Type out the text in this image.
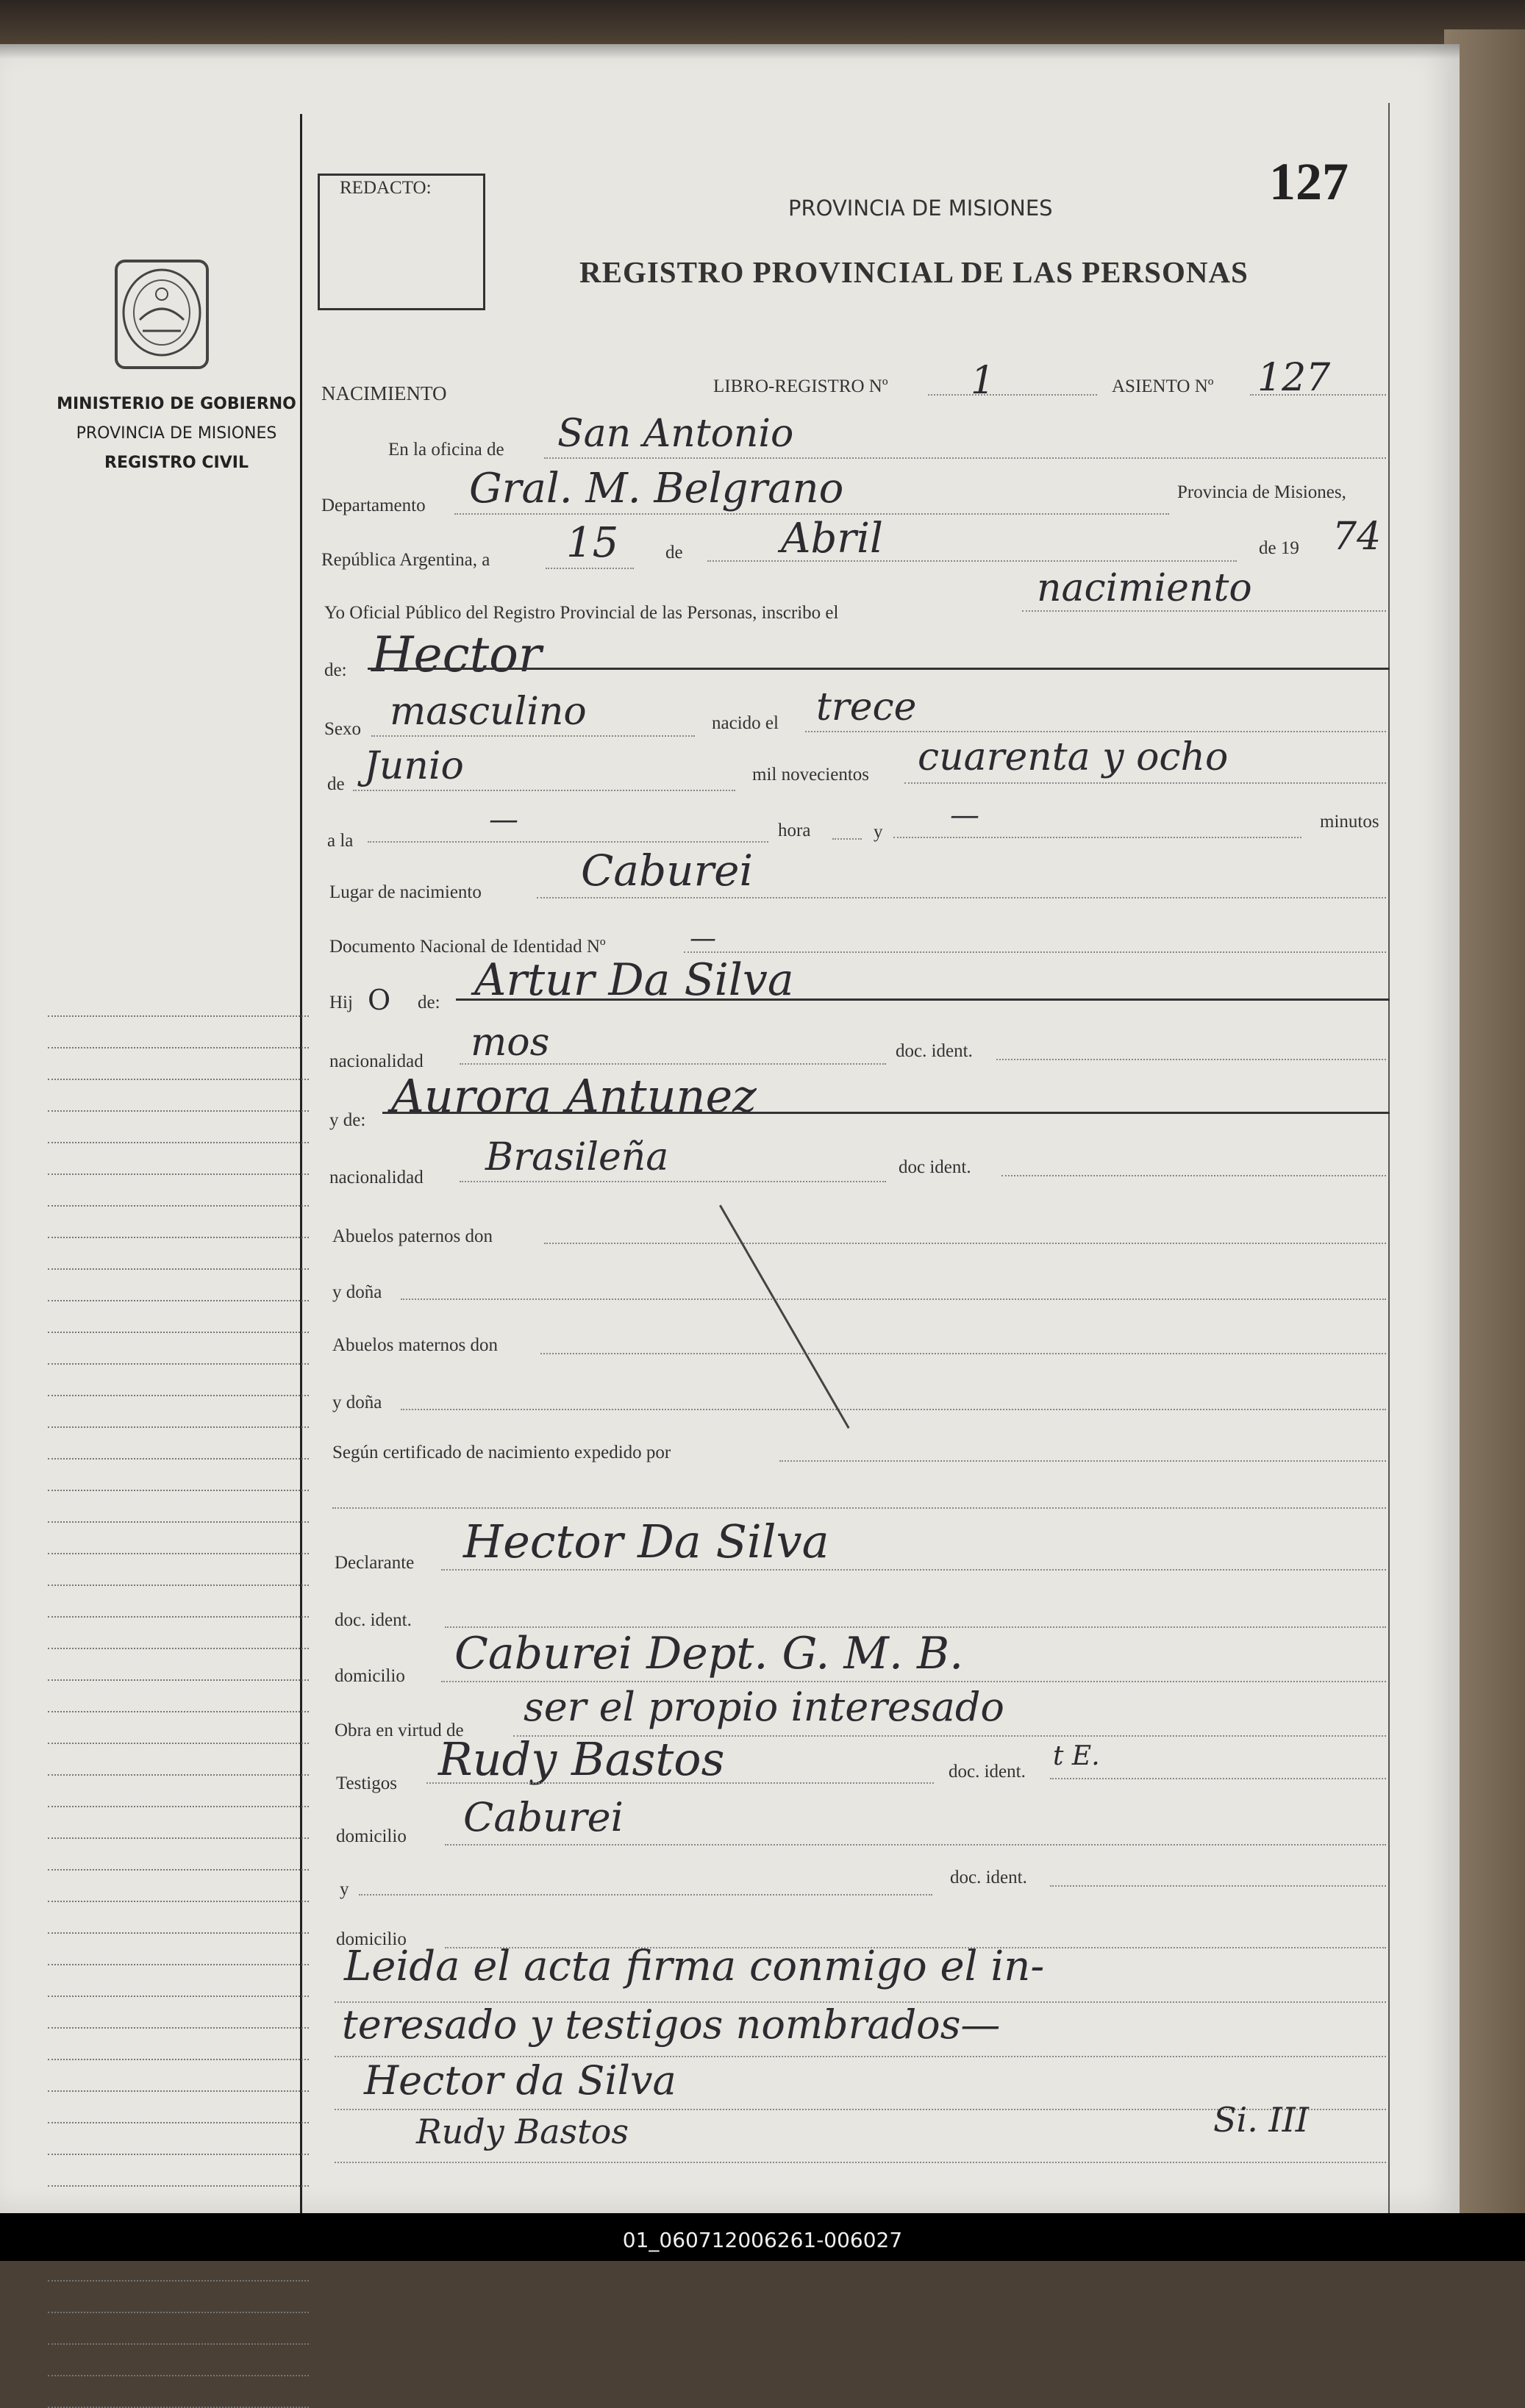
MINISTERIO DE GOBIERNO
PROVINCIA DE MISIONES
REGISTRO CIVIL
REDACTO:	127
PROVINCIA DE MISIONES
REGISTRO PROVINCIAL DE LAS PERSONAS
NACIMIENTO	LIBRO-REGISTRO Nº 1	ASIENTO Nº 127
En la oficina de San Antonio
Departamento Gral. M. Belgrano	Provincia de Misiones,
República Argentina, a 15	de Abril	de 19 74
Yo Oficial Público del Registro Provincial de las Personas, inscribo el
nacimiento
de: Hector
Sexo masculino	nacido el trece
de Junio	mil novecientos cuarenta y ocho
a la
—	hora	y —	minutos
Lugar de nacimiento Caburei
Documento Nacional de Identidad Nº	—
Hij O de: Artur Da Silva
nacionalidad mos	doc. ident.
y de: Aurora Antunez
nacionalidad Brasileña	doc ident.
Abuelos paternos don
y doña
Abuelos maternos don
y doña
Según certificado de nacimiento expedido por
Declarante Hector Da Silva
doc. ident.
domicilio Caburei Dept. G. M. B.
Obra en virtud de
ser el propio interesado
Testigos Rudy Bastos	doc. ident.
t E.
domicilio Caburei
y
doc. ident.
domicilio
Leida el acta firma conmigo el in-
teresado y testigos nombrados—
Hector da Silva
Rudy Bastos	Si. III
01_060712006261-006027
